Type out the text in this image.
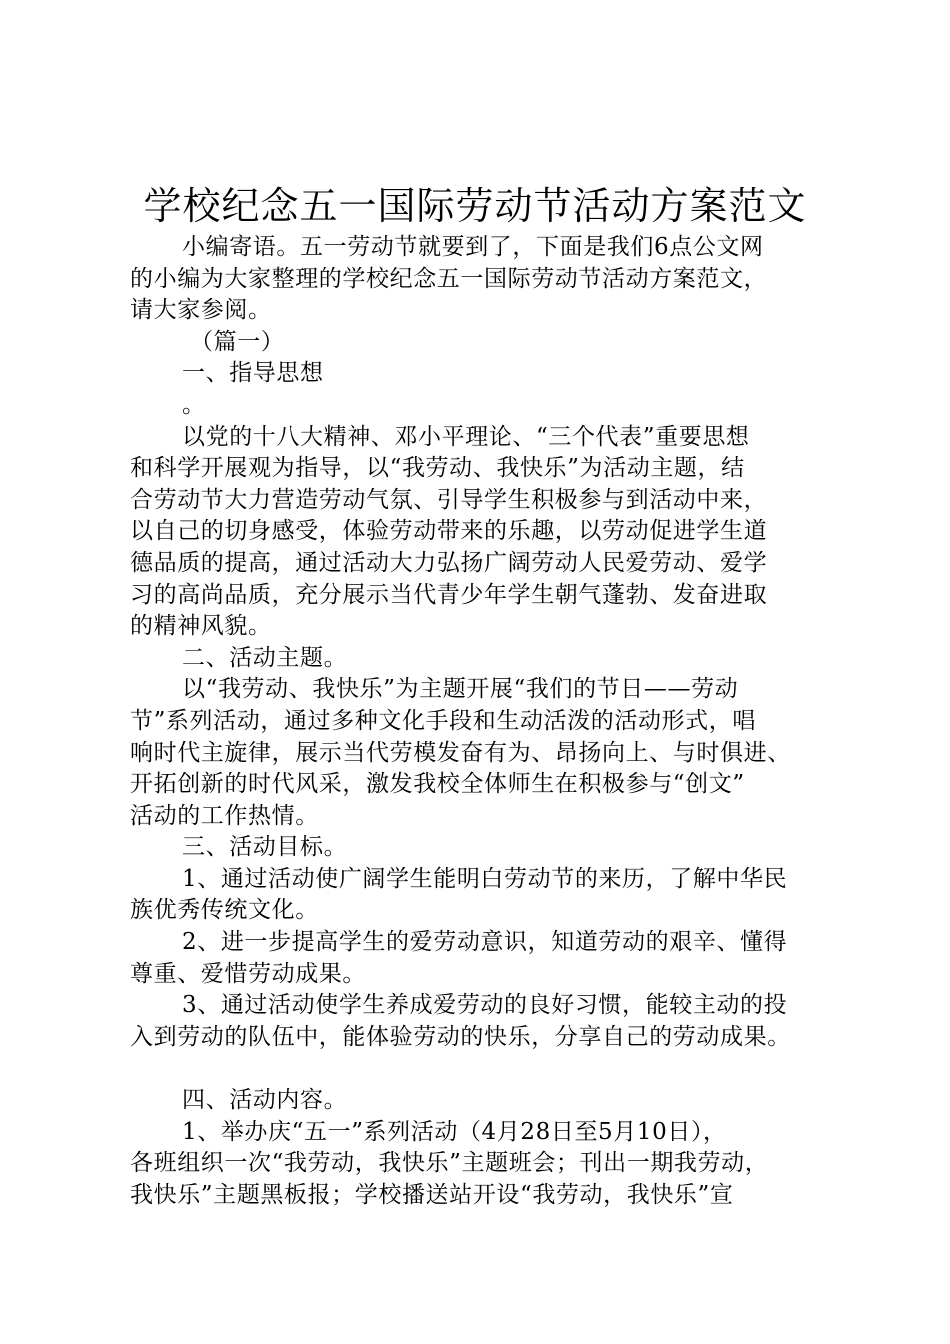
学校纪念五一国际劳动节活动方案范文
小编寄语。五一劳动节就要到了，下面是我们6点公文网
的小编为大家整理的学校纪念五一国际劳动节活动方案范文，
请大家参阅。
（篇一）
一、指导思想
。
以党的十八大精神、邓小平理论、“三个代表”重要思想
和科学开展观为指导，以“我劳动、我快乐”为活动主题，结
合劳动节大力营造劳动气氛、引导学生积极参与到活动中来，
以自己的切身感受，体验劳动带来的乐趣，以劳动促进学生道
德品质的提高，通过活动大力弘扬广阔劳动人民爱劳动、爱学
习的高尚品质，充分展示当代青少年学生朝气蓬勃、发奋进取
的精神风貌。
二、活动主题。
以“我劳动、我快乐”为主题开展“我们的节日——劳动
节”系列活动，通过多种文化手段和生动活泼的活动形式，唱
响时代主旋律，展示当代劳模发奋有为、昂扬向上、与时俱进、
开拓创新的时代风采，激发我校全体师生在积极参与“创文”
活动的工作热情。
三、活动目标。
1、通过活动使广阔学生能明白劳动节的来历，了解中华民
族优秀传统文化。
2、进一步提高学生的爱劳动意识，知道劳动的艰辛、懂得
尊重、爱惜劳动成果。
3、通过活动使学生养成爱劳动的良好习惯，能较主动的投
入到劳动的队伍中，能体验劳动的快乐，分享自己的劳动成果。
四、活动内容。
1、举办庆“五一”系列活动（4月28日至5月10日），
各班组织一次“我劳动，我快乐”主题班会；刊出一期我劳动，
我快乐”主题黑板报；学校播送站开设“我劳动，我快乐”宣
